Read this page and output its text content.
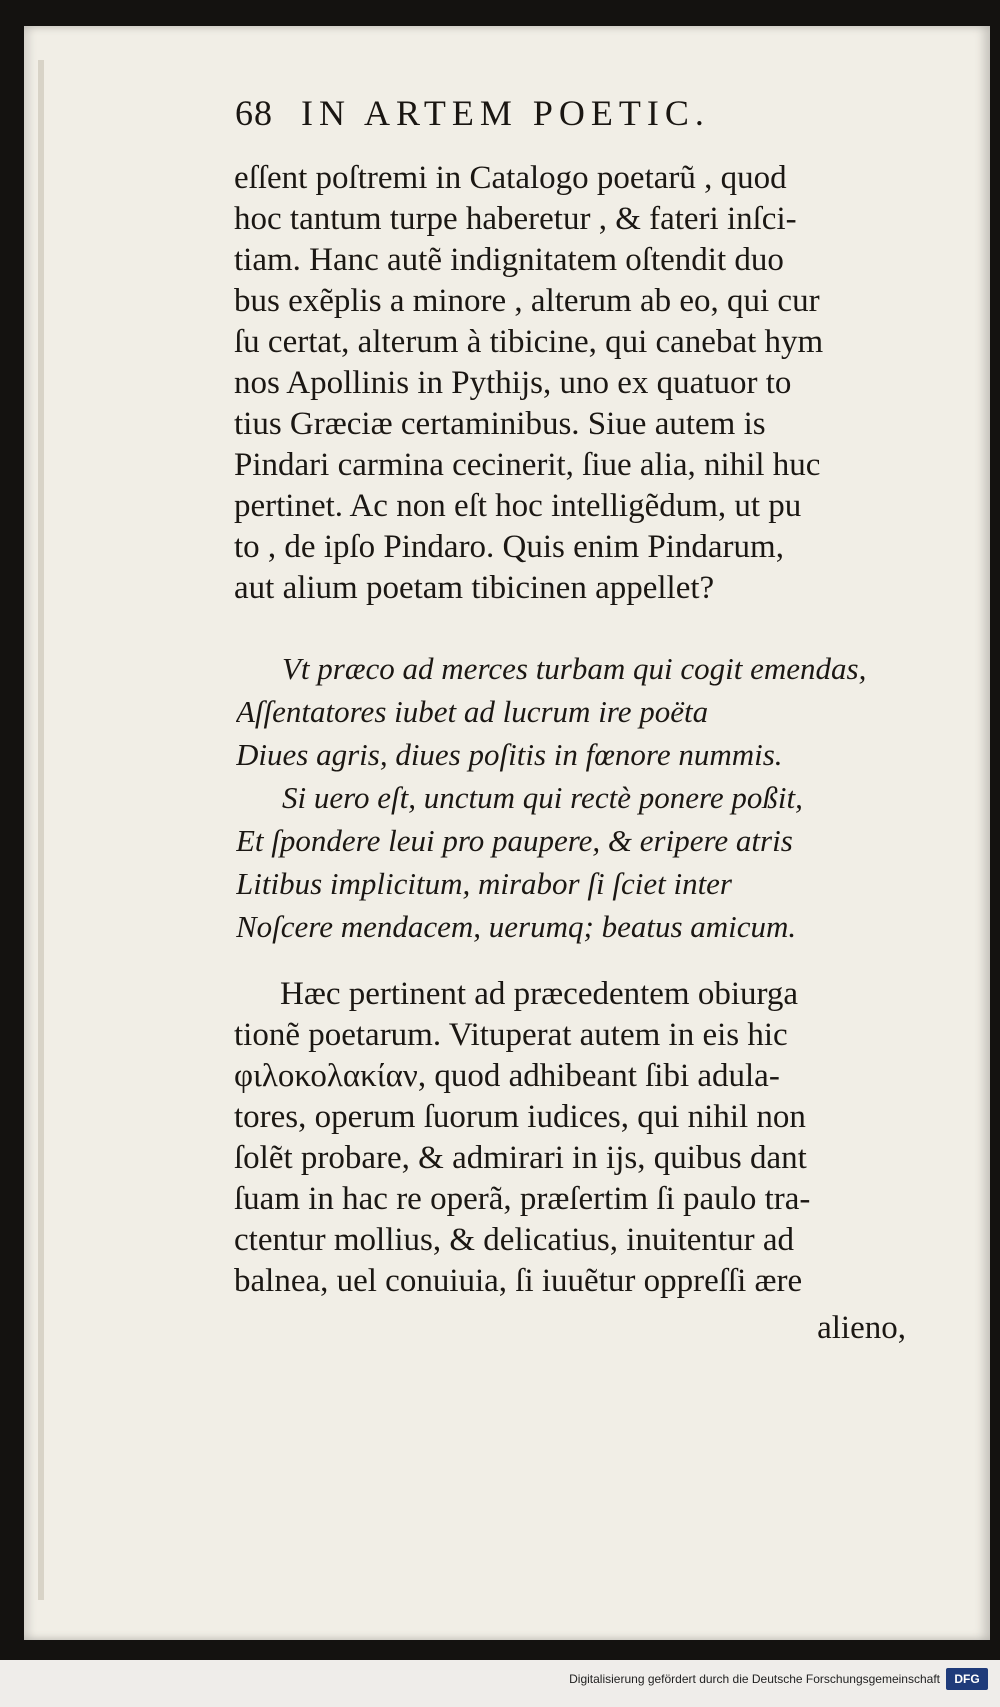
68 IN ARTEM POETIC.
eſſent poſtremi in Catalogo poetarũ , quod
hoc tantum turpe haberetur , & fateri inſci-
tiam. Hanc autẽ indignitatem oſtendit duo
bus exẽplis a minore , alterum ab eo, qui cur
ſu certat, alterum à tibicine, qui canebat hym
nos Apollinis in Pythijs, uno ex quatuor to
tius Græciæ certaminibus. Siue autem is
Pindari carmina cecinerit, ſiue alia, nihil huc
pertinet. Ac non eſt hoc intelligẽdum, ut pu
to , de ipſo Pindaro. Quis enim Pindarum,
aut alium poetam tibicinen appellet?
Vt præco ad merces turbam qui cogit emendas,
Aſſentatores iubet ad lucrum ire poëta
Diues agris, diues poſitis in fœnore nummis.
Si uero eſt, unctum qui rectè ponere poßit,
Et ſpondere leui pro paupere, & eripere atris
Litibus implicitum, mirabor ſi ſciet inter
Noſcere mendacem, uerumq; beatus amicum.
Hæc pertinent ad præcedentem obiurga
tionẽ poetarum. Vituperat autem in eis hic
φιλοκολακίαν, quod adhibeant ſibi adula-
tores, operum ſuorum iudices, qui nihil non
ſolẽt probare, & admirari in ijs, quibus dant
ſuam in hac re operã, præſertim ſi paulo tra-
ctentur mollius, & delicatius, inuitentur ad
balnea, uel conuiuia, ſi iuuẽtur oppreſſi ære
alieno,
Digitalisierung gefördert durch die Deutsche Forschungsgemeinschaft	DFG
